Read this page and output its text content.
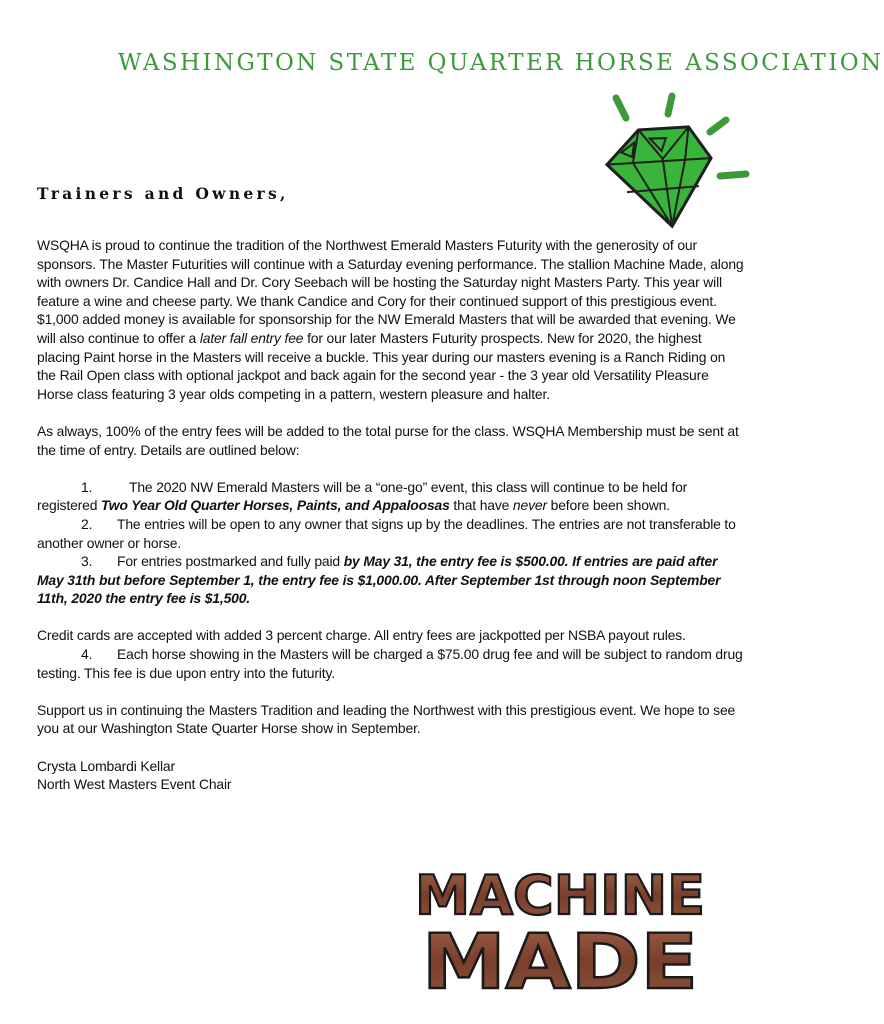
WASHINGTON STATE QUARTER HORSE ASSOCIATION
Trainers and Owners,

WSQHA is proud to continue the tradition of the Northwest Emerald Masters Futurity with the generosity of our sponsors. The Master Futurities will continue with a Saturday evening performance. The stallion Machine Made, along with owners Dr. Candice Hall and Dr. Cory Seebach will be hosting the Saturday night Masters Party. This year will feature a wine and cheese party. We thank Candice and Cory for their continued support of this prestigious event. $1,000 added money is available for sponsorship for the NW Emerald Masters that will be awarded that evening. We will also continue to offer a later fall entry fee for our later Masters Futurity prospects. New for 2020, the highest placing Paint horse in the Masters will receive a buckle. This year during our masters evening is a Ranch Riding on the Rail Open class with optional jackpot and back again for the second year - the 3 year old Versatility Pleasure Horse class featuring 3 year olds competing in a pattern, western pleasure and halter.

As always, 100% of the entry fees will be added to the total purse for the class. WSQHA Membership must be sent at the time of entry. Details are outlined below:

1.	The 2020 NW Emerald Masters will be a “one-go” event, this class will continue to be held for registered Two Year Old Quarter Horses, Paints, and Appaloosas that have never before been shown.

2. The entries will be open to any owner that signs up by the deadlines. The entries are not transferable to another owner or horse.

3. For entries postmarked and fully paid by May 31, the entry fee is $500.00. If entries are paid after May 31th but before September 1, the entry fee is $1,000.00. After September 1st through noon September 11th, 2020 the entry fee is $1,500.

Credit cards are accepted with added 3 percent charge. All entry fees are jackpotted per NSBA payout rules.

4. Each horse showing in the Masters will be charged a $75.00 drug fee and will be subject to random drug testing. This fee is due upon entry into the futurity.

Support us in continuing the Masters Tradition and leading the Northwest with this prestigious event. We hope to see you at our Washington State Quarter Horse show in September.

Crysta Lombardi Kellar

North West Masters Event Chair

MACHINE
MADE
